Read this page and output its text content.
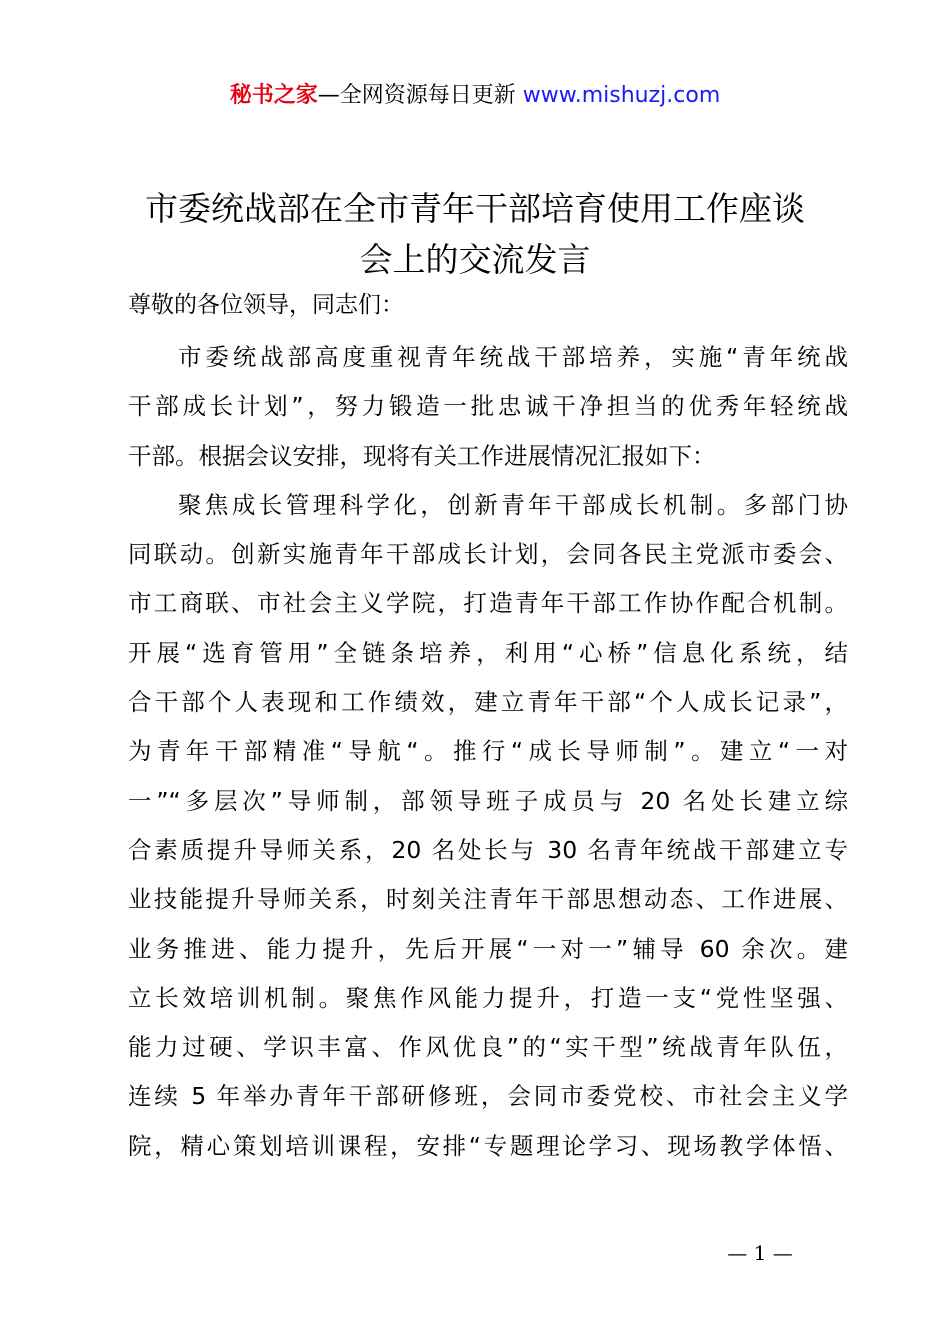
秘书之家—全网资源每日更新 www.mishuzj.com
市委统战部在全市青年干部培育使用工作座谈
会上的交流发言

尊敬的各位领导，同志们：

市委统战部高度重视青年统战干部培养，实施“青年统战
干部成长计划”，努力锻造一批忠诚干净担当的优秀年轻统战
干部。根据会议安排，现将有关工作进展情况汇报如下：
聚焦成长管理科学化，创新青年干部成长机制。多部门协
同联动。创新实施青年干部成长计划，会同各民主党派市委会、
市工商联、市社会主义学院，打造青年干部工作协作配合机制。
开展“选育管用”全链条培养，利用“心桥”信息化系统，结
合干部个人表现和工作绩效，建立青年干部“个人成长记录”，
为青年干部精准“导航“。推行“成长导师制”。建立“一对
一”“多层次”导师制，部领导班子成员与 20 名处长建立综
合素质提升导师关系，20 名处长与 30 名青年统战干部建立专
业技能提升导师关系，时刻关注青年干部思想动态、工作进展、
业务推进、能力提升，先后开展“一对一”辅导 60 余次。建
立长效培训机制。聚焦作风能力提升，打造一支“党性坚强、
能力过硬、学识丰富、作风优良”的“实干型”统战青年队伍，
连续 5 年举办青年干部研修班，会同市委党校、市社会主义学
院，精心策划培训课程，安排“专题理论学习、现场教学体悟、
— 1 —
